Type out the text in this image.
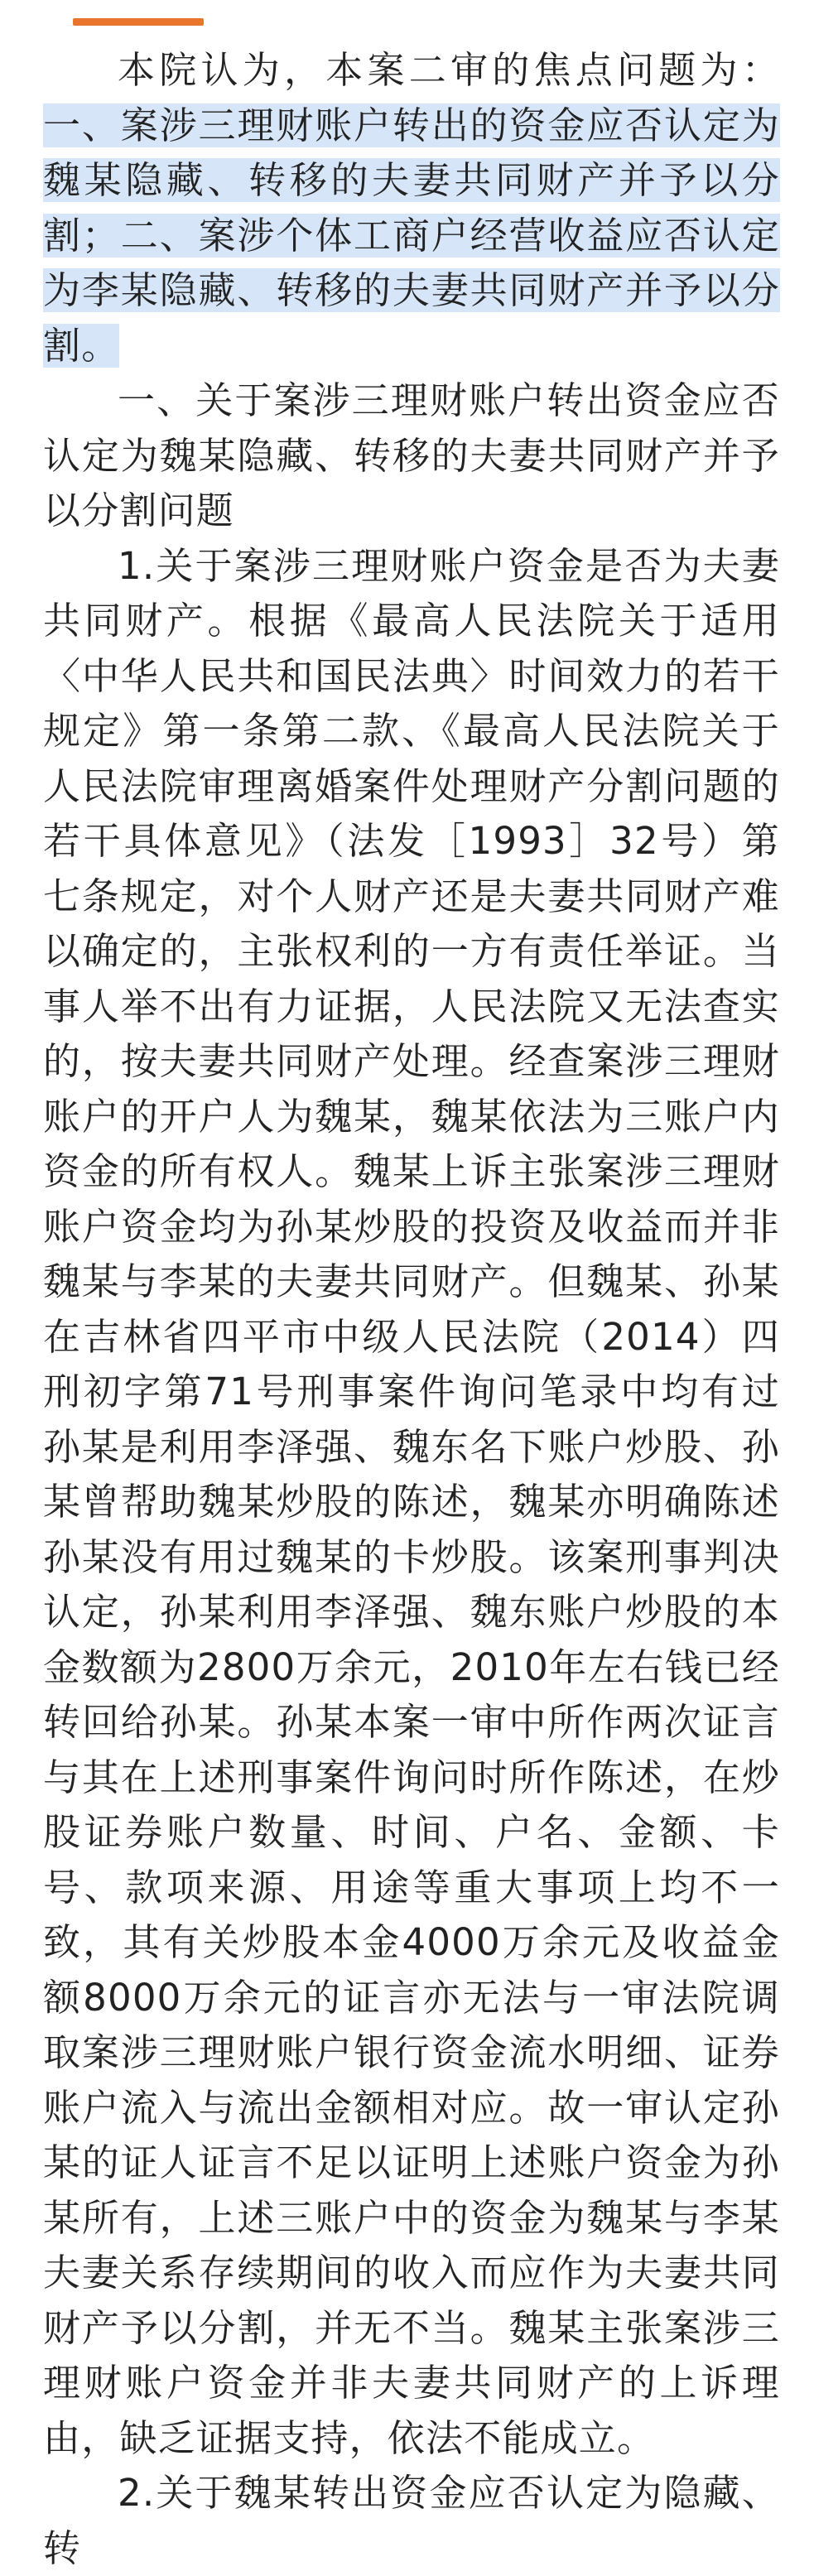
本院认为，本案二审的焦点问题为：一、案涉三理财账户转出的资金应否认定为魏某隐藏、转移的夫妻共同财产并予以分割；二、案涉个体工商户经营收益应否认定为李某隐藏、转移的夫妻共同财产并予以分割。

一、关于案涉三理财账户转出资金应否认定为魏某隐藏、转移的夫妻共同财产并予以分割问题

1.关于案涉三理财账户资金是否为夫妻共同财产。根据《最高人民法院关于适用〈中华人民共和国民法典〉时间效力的若干规定》第一条第二款、《最高人民法院关于人民法院审理离婚案件处理财产分割问题的若干具体意见》（法发［1993］32号）第七条规定，对个人财产还是夫妻共同财产难以确定的，主张权利的一方有责任举证。当事人举不出有力证据，人民法院又无法查实的，按夫妻共同财产处理。经查案涉三理财账户的开户人为魏某，魏某依法为三账户内资金的所有权人。魏某上诉主张案涉三理财账户资金均为孙某炒股的投资及收益而并非魏某与李某的夫妻共同财产。但魏某、孙某在吉林省四平市中级人民法院（2014）四刑初字第71号刑事案件询问笔录中均有过孙某是利用李泽强、魏东名下账户炒股、孙某曾帮助魏某炒股的陈述，魏某亦明确陈述孙某没有用过魏某的卡炒股。该案刑事判决认定，孙某利用李泽强、魏东账户炒股的本金数额为2800万余元，2010年左右钱已经转回给孙某。孙某本案一审中所作两次证言与其在上述刑事案件询问时所作陈述，在炒股证券账户数量、时间、户名、金额、卡号、款项来源、用途等重大事项上均不一致，其有关炒股本金4000万余元及收益金额8000万余元的证言亦无法与一审法院调取案涉三理财账户银行资金流水明细、证券账户流入与流出金额相对应。故一审认定孙某的证人证言不足以证明上述账户资金为孙某所有，上述三账户中的资金为魏某与李某夫妻关系存续期间的收入而应作为夫妻共同财产予以分割，并无不当。魏某主张案涉三理财账户资金并非夫妻共同财产的上诉理由，缺乏证据支持，依法不能成立。

2.关于魏某转出资金应否认定为隐藏、转
